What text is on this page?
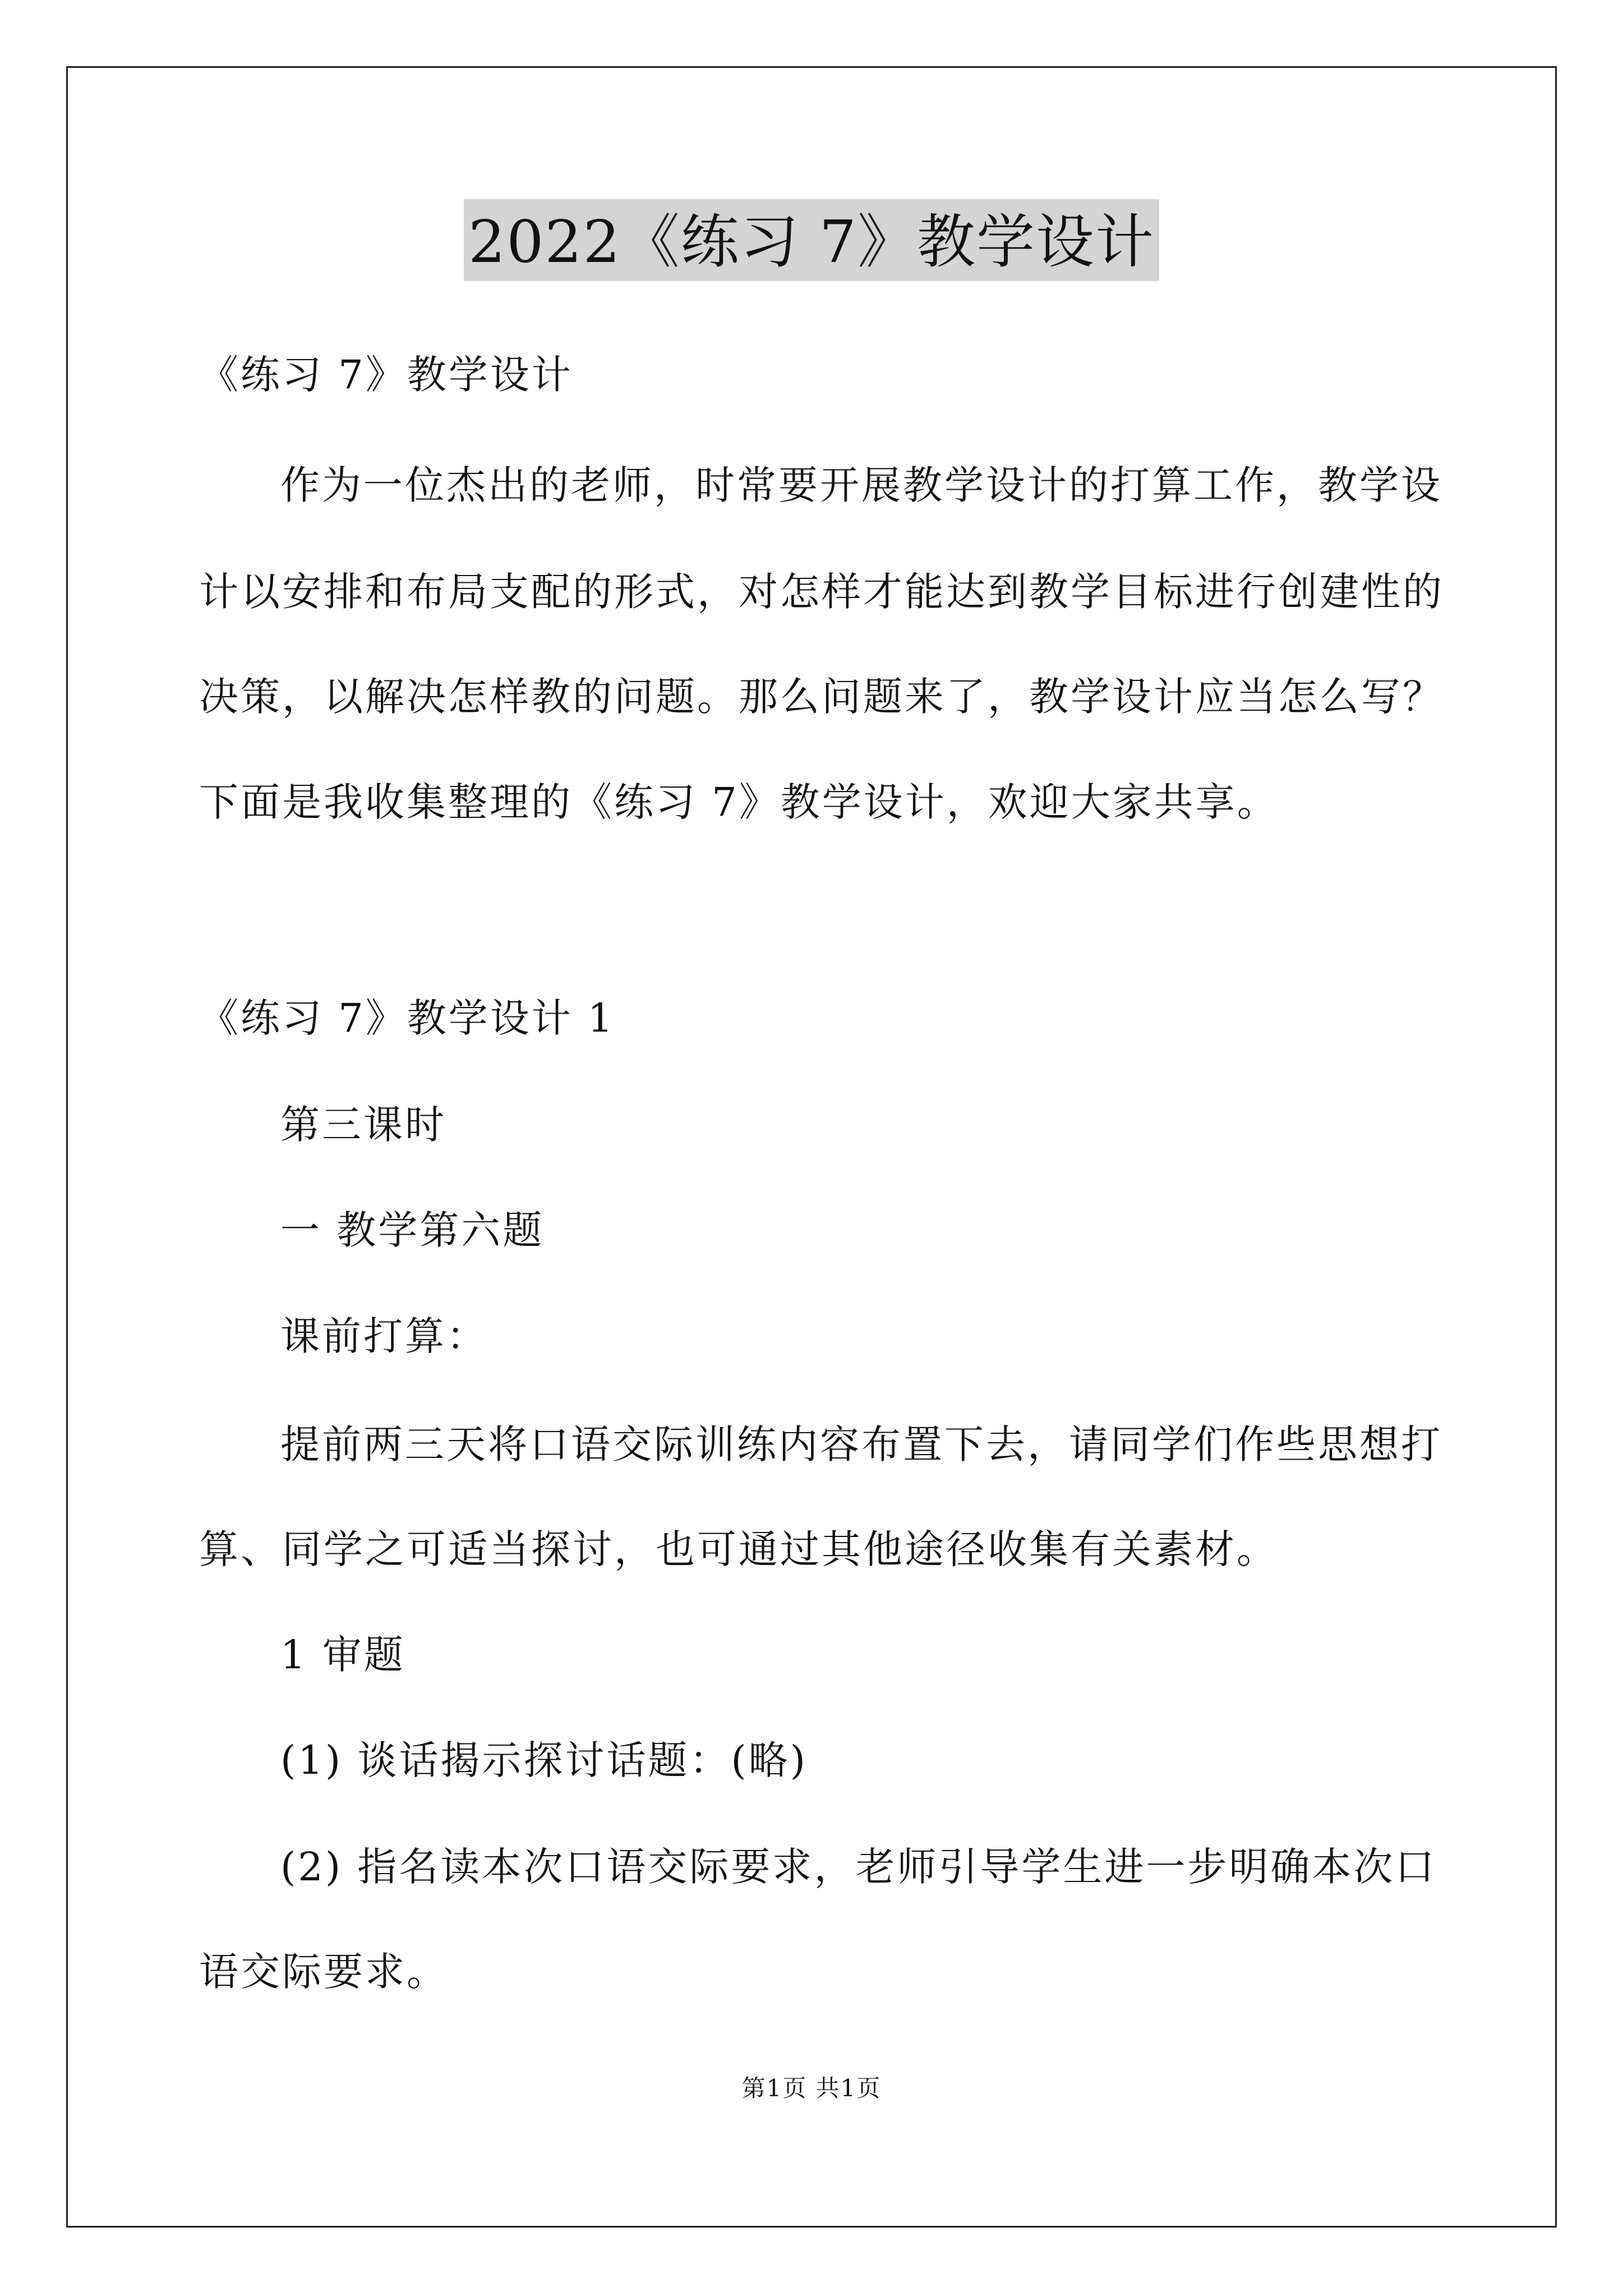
2022《练习 7》教学设计
《练习 7》教学设计
作为一位杰出的老师，时常要开展教学设计的打算工作，教学设
计以安排和布局支配的形式，对怎样才能达到教学目标进行创建性的
决策，以解决怎样教的问题。那么问题来了，教学设计应当怎么写？
下面是我收集整理的《练习 7》教学设计，欢迎大家共享。
《练习 7》教学设计 1
第三课时
一 教学第六题
课前打算：
提前两三天将口语交际训练内容布置下去，请同学们作些思想打
算、同学之可适当探讨，也可通过其他途径收集有关素材。
1 审题
(1) 谈话揭示探讨话题：(略)
(2) 指名读本次口语交际要求，老师引导学生进一步明确本次口
语交际要求。
第1页 共1页
